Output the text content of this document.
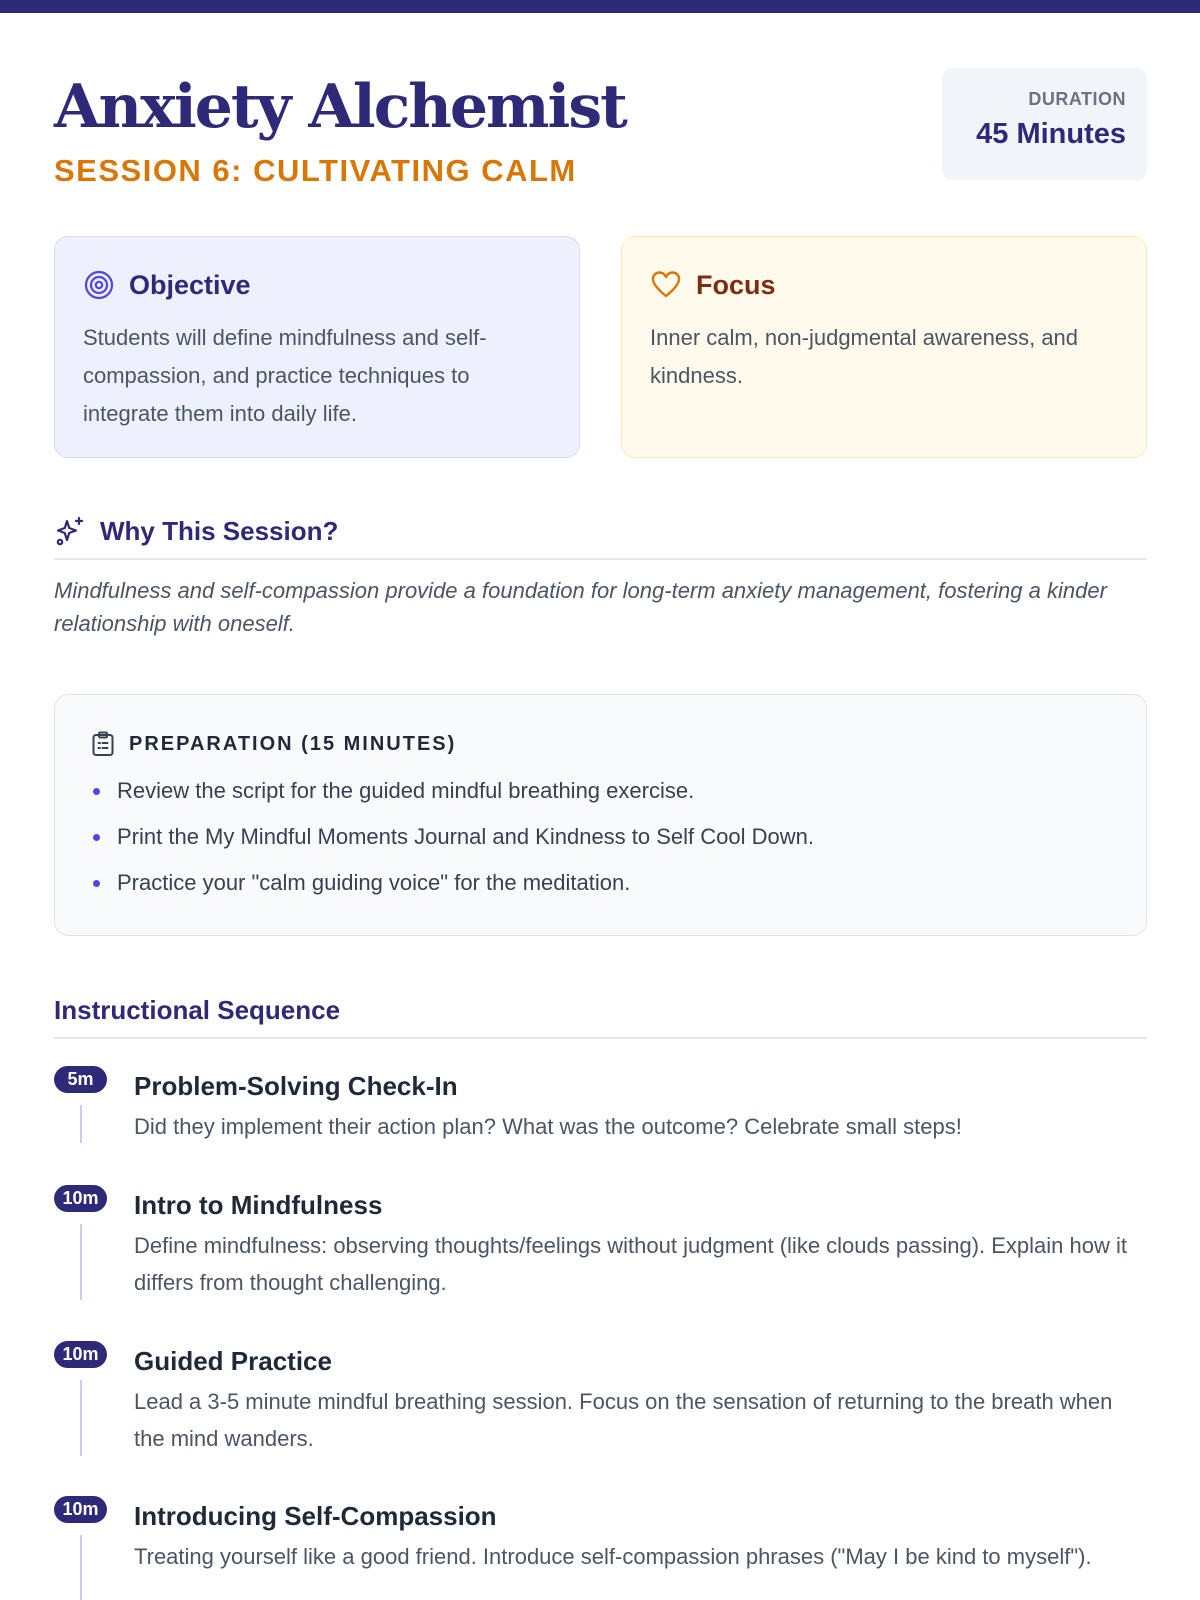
Anxiety Alchemist
SESSION 6: CULTIVATING CALM
DURATION
45 Minutes
Objective

Students will define mindfulness and self-compassion, and practice techniques to integrate them into daily life.

Focus

Inner calm, non-judgmental awareness, and kindness.

Why This Session?

Mindfulness and self-compassion provide a foundation for long-term anxiety management, fostering a kinder relationship with oneself.

PREPARATION (15 MINUTES)
Review the script for the guided mindful breathing exercise.
Print the My Mindful Moments Journal and Kindness to Self Cool Down.
Practice your "calm guiding voice" for the meditation.
Instructional Sequence
5m	Problem-Solving Check-In

Did they implement their action plan? What was the outcome? Celebrate small steps!

10m	Intro to Mindfulness

Define mindfulness: observing thoughts/feelings without judgment (like clouds passing). Explain how it differs from thought challenging.

10m	Guided Practice

Lead a 3-5 minute mindful breathing session. Focus on the sensation of returning to the breath when the mind wanders.

10m	Introducing Self-Compassion

Treating yourself like a good friend. Introduce self-compassion phrases ("May I be kind to myself").
